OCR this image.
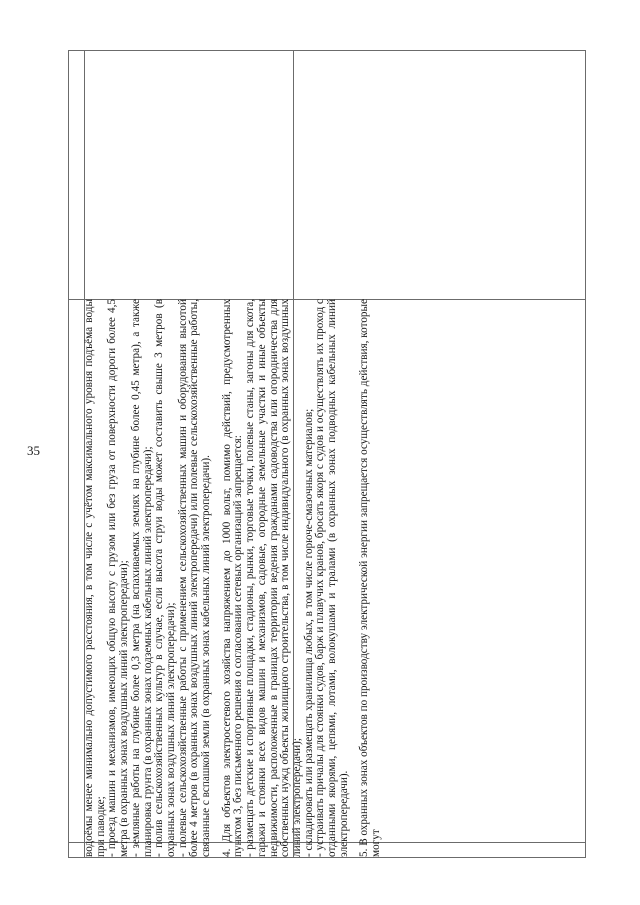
35	водоёмы менее минимально допустимого расстояния, в том числе с учётом максимального уровня подъёма воды при паводке; - проезд машин и механизмов, имеющих общую высоту с грузом или без груза от поверхности дороги более 4,5 метра (в охранных зонах воздушных линий электропередачи); - земляные работы на глубине более 0,3 метра (на вспахиваемых землях на глубине более 0,45 метра), а также планировка грунта (в охранных зонах подземных кабельных линий электропередачи); - полив сельскохозяйственных культур в случае, если высота струи воды может составить свыше 3 метров (в охранных зонах воздушных линий электропередачи); - полевые сельскохозяйственные работы с применением сельскохозяйственных машин и оборудования высотой более 4 метров (в охранных зонах воздушных линий электропередачи) или полевые сельскохозяйственные работы, связанные с вспашкой земли (в охранных зонах кабельных линий электропередачи). 4. Для объектов электросетевого хозяйства напряжением до 1000 вольт, помимо действий, предусмотренных пунктом 3, без письменного решения о согласовании сетевых организаций запрещается: - размещать детские и спортивные площадки, стадионы, рынки, торговые точки, полевые станы, загоны для скота, гаражи и стоянки всех видов машин и механизмов, садовые, огородные земельные участки и иные объекты недвижимости, расположенные в границах территории ведения гражданами садоводства или огородничества для собственных нужд объекты жилищного строительства, в том числе индивидуального (в охранных зонах воздушных линий электропередачи); - складировать или размещать хранилища любых, в том числе горюче-смазочных материалов; - устраивать причалы для стоянки судов, барж и плавучих кранов, бросать якоря с судов и осуществлять их проход с отданными якорями, цепями, лотами, волокушами и тралами (в охранных зонах подводных кабельных линий электропередачи). 5. В охранных зонах объектов по производству электрической энергии запрещается осуществлять действия, которые могут
